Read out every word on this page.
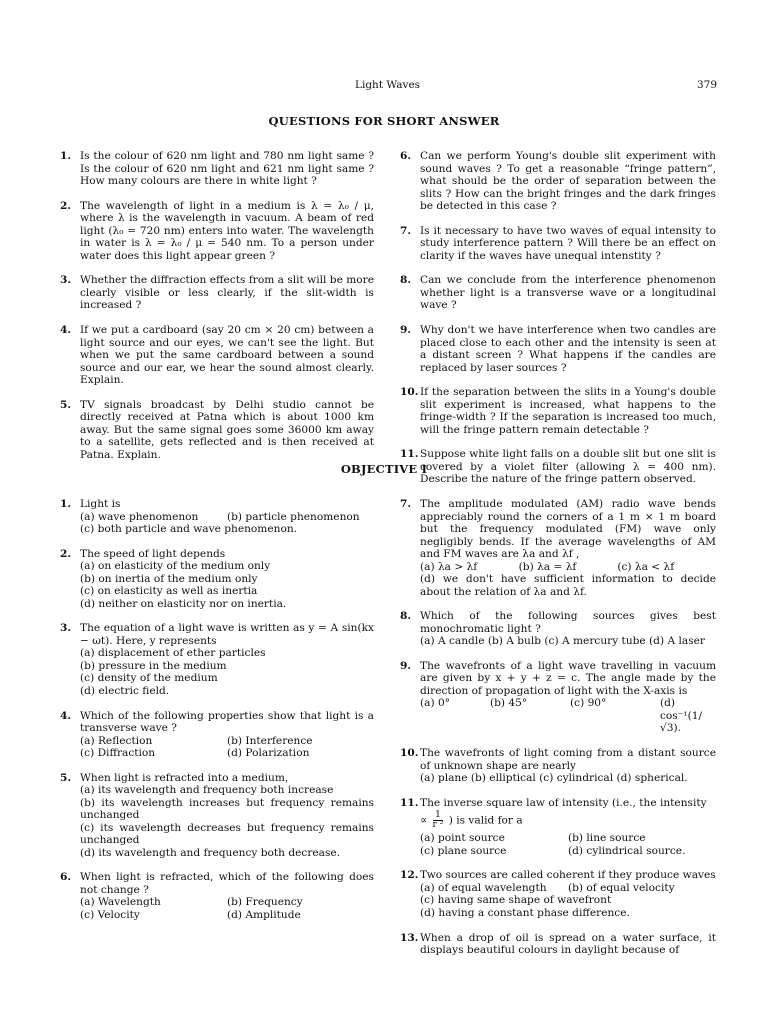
Light Waves	379
QUESTIONS FOR SHORT ANSWER
1. Is the colour of 620 nm light and 780 nm light same ? Is the colour of 620 nm light and 621 nm light same ? How many colours are there in white light ?
2. The wavelength of light in a medium is λ = λ₀ / μ, where λ is the wavelength in vacuum. A beam of red light (λ₀ = 720 nm) enters into water. The wavelength in water is λ = λ₀ / μ = 540 nm. To a person under water does this light appear green ?
3. Whether the diffraction effects from a slit will be more clearly visible or less clearly, if the slit-width is increased ?
4. If we put a cardboard (say 20 cm × 20 cm) between a light source and our eyes, we can't see the light. But when we put the same cardboard between a sound source and our ear, we hear the sound almost clearly. Explain.
5. TV signals broadcast by Delhi studio cannot be directly received at Patna which is about 1000 km away. But the same signal goes some 36000 km away to a satellite, gets reflected and is then received at Patna. Explain.
6. Can we perform Young's double slit experiment with sound waves ? To get a reasonable “fringe pattern”, what should be the order of separation between the slits ? How can the bright fringes and the dark fringes be detected in this case ?
7. Is it necessary to have two waves of equal intensity to study interference pattern ? Will there be an effect on clarity if the waves have unequal intenstity ?
8. Can we conclude from the interference phenomenon whether light is a transverse wave or a longitudinal wave ?
9. Why don't we have interference when two candles are placed close to each other and the intensity is seen at a distant screen ? What happens if the candles are replaced by laser sources ?
10. If the separation between the slits in a Young's double slit experiment is increased, what happens to the fringe-width ? If the separation is increased too much, will the fringe pattern remain detectable ?
11. Suppose white light falls on a double slit but one slit is covered by a violet filter (allowing λ = 400 nm). Describe the nature of the fringe pattern observed.
OBJECTIVE I
1. Light is
(a) wave phenomenon	(b) particle phenomenon
(c) both particle and wave phenomenon.
2. The speed of light depends
(a) on elasticity of the medium only
(b) on inertia of the medium only
(c) on elasticity as well as inertia
(d) neither on elasticity nor on inertia.
3. The equation of a light wave is written as y = A sin(kx − ωt). Here, y represents
(a) displacement of ether particles
(b) pressure in the medium
(c) density of the medium
(d) electric field.
4. Which of the following properties show that light is a transverse wave ?
(a) Reflection	(b) Interference
(c) Diffraction	(d) Polarization
5. When light is refracted into a medium,
(a) its wavelength and frequency both increase
(b) its wavelength increases but frequency remains unchanged
(c) its wavelength decreases but frequency remains unchanged
(d) its wavelength and frequency both decrease.
6. When light is refracted, which of the following does not change ?
(a) Wavelength	(b) Frequency
(c) Velocity	(d) Amplitude
7. The amplitude modulated (AM) radio wave bends appreciably round the corners of a 1 m × 1 m board but the frequency modulated (FM) wave only negligibly bends. If the average wavelengths of AM and FM waves are λa and λf ,
(a) λa > λf	(b) λa = λf	(c) λa < λf
(d) we don't have sufficient information to decide about the relation of λa and λf.
8. Which of the following sources gives best monochromatic light ?
(a) A candle (b) A bulb (c) A mercury tube (d) A laser
9. The wavefronts of a light wave travelling in vacuum are given by x + y + z = c. The angle made by the direction of propagation of light with the X-axis is
(a) 0°	(b) 45°	(c) 90°	(d) cos⁻¹(1/√3).
10. The wavefronts of light coming from a distant source of unknown shape are nearly
(a) plane (b) elliptical (c) cylindrical (d) spherical.
11. The inverse square law of intensity (i.e., the intensity
∝ $\frac{1}{\text{r ²}}$ ) is valid for a
(a) point source	(b) line source
(c) plane source	(d) cylindrical source.
12. Two sources are called coherent if they produce waves
(a) of equal wavelength	(b) of equal velocity
(c) having same shape of wavefront
(d) having a constant phase difference.
13. When a drop of oil is spread on a water surface, it displays beautiful colours in daylight because of
